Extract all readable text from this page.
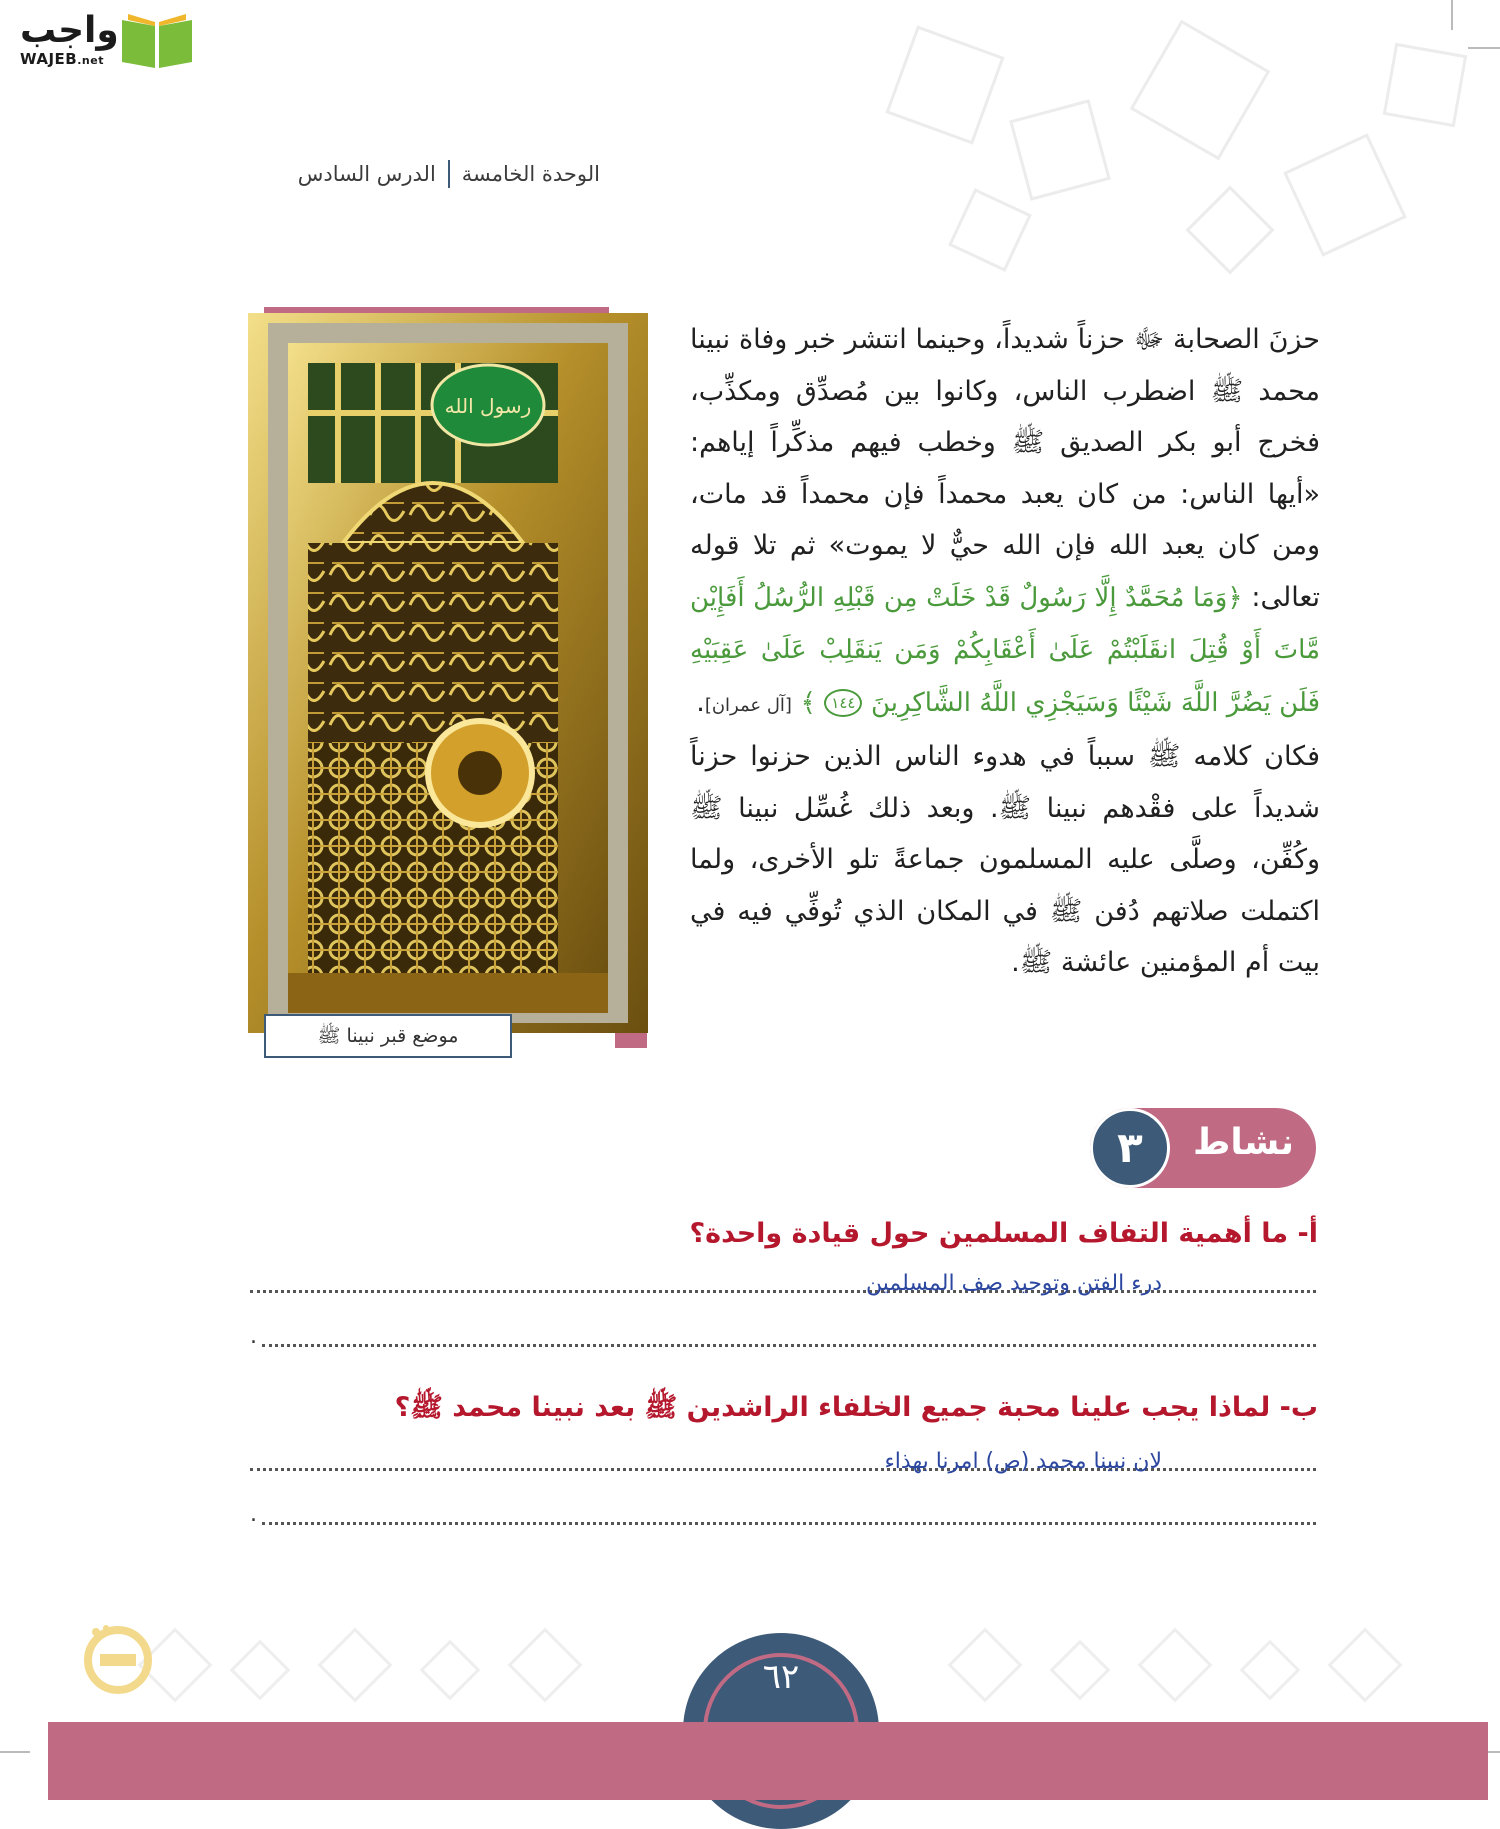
واجب
WAJEB.net
الوحدة الخامسة
الدرس السادس
رسول الله
موضع قبر نبينا ﷺ

حزنَ الصحابة ﷻ حزناً شديداً، وحينما انتشر خبر وفاة نبينا محمد ﷺ اضطرب الناس، وكانوا بين مُصدِّق ومكذِّب، فخرج أبو بكر الصديق ﷺ وخطب فيهم مذكِّراً إياهم: «أيها الناس: من كان يعبد محمداً فإن محمداً قد مات، ومن كان يعبد الله فإن الله حيٌّ لا يموت» ثم تلا قوله تعالى: ﴿وَمَا مُحَمَّدٌ إِلَّا رَسُولٌ قَدْ خَلَتْ مِن قَبْلِهِ الرُّسُلُ أَفَإِيْن مَّاتَ أَوْ قُتِلَ انقَلَبْتُمْ عَلَىٰ أَعْقَابِكُمْ وَمَن يَنقَلِبْ عَلَىٰ عَقِبَيْهِ فَلَن يَضُرَّ اللَّهَ شَيْئًا وَسَيَجْزِي اللَّهُ الشَّاكِرِينَ ١٤٤ ﴾ [آل عمران].

فكان كلامه ﷺ سبباً في هدوء الناس الذين حزنوا حزناً شديداً على فقْدهم نبينا ﷺ. وبعد ذلك غُسِّل نبينا ﷺ وكُفِّن، وصلَّى عليه المسلمون جماعةً تلو الأخرى، ولما اكتملت صلاتهم دُفن ﷺ في المكان الذي تُوفِّي فيه في بيت أم المؤمنين عائشة ﷺ.

نشاط
٣
أ- ما أهمية التفاف المسلمين حول قيادة واحدة؟
درء الفتن وتوحيد صف المسلمين
.
ب- لماذا يجب علينا محبة جميع الخلفاء الراشدين ﷺ بعد نبينا محمد ﷺ؟
لان نبينا محمد (ص) امرنا بهذاء
.
٦٢
